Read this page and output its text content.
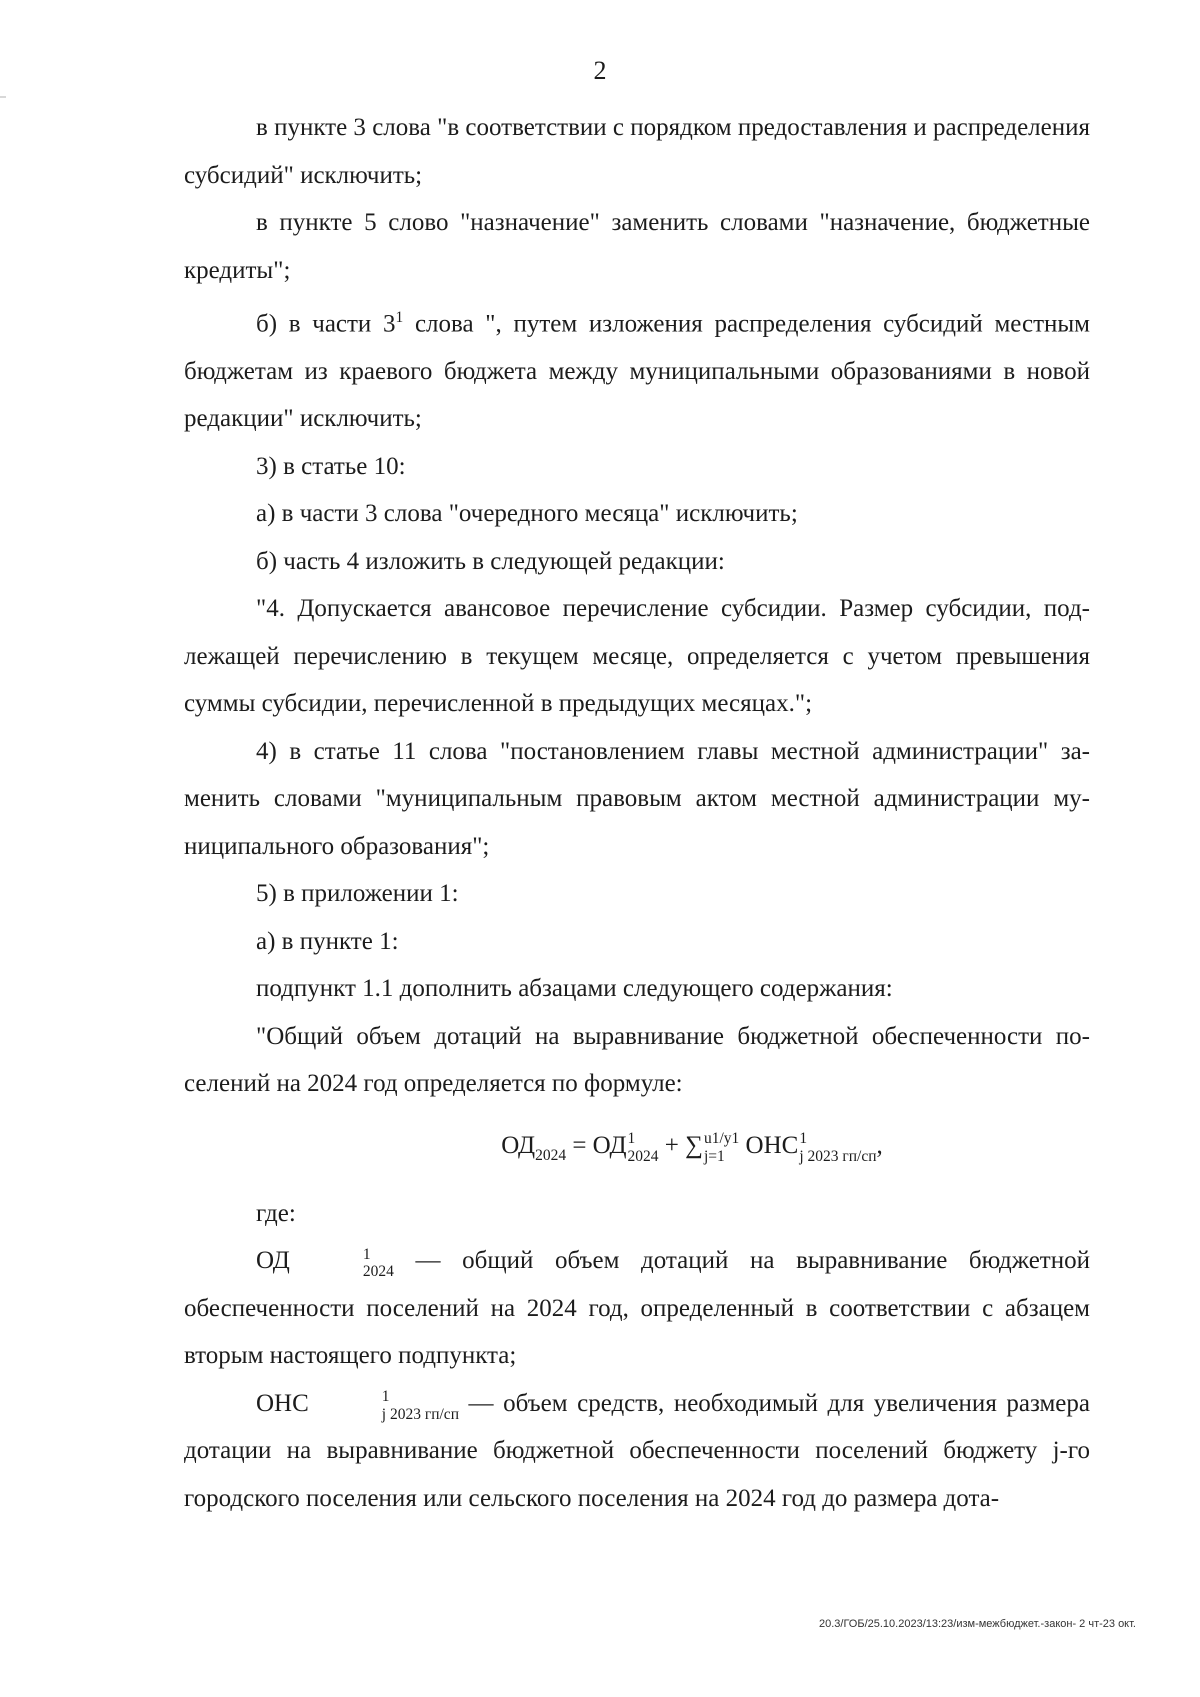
2

в пункте 3 слова "в соответствии с порядком предоставления и распределения субсидий" исключить;

в пункте 5 слово "назначение" заменить словами "назначение, бюджетные кредиты";

б) в части $3^1$ слова ", путем изложения распределения субсидий местным бюджетам из краевого бюджета между муниципальными образованиями в новой редакции" исключить;

3) в статье 10:

а) в части 3 слова "очередного месяца" исключить;

б) часть 4 изложить в следующей редакции:

"4. Допускается авансовое перечисление субсидии. Размер субсидии, подлежащей перечислению в текущем месяце, определяется с учетом превышения суммы субсидии, перечисленной в предыдущих месяцах.";

4) в статье 11 слова "постановлением главы местной администрации" заменить словами "муниципальным правовым актом местной администрации муниципального образования";

5) в приложении 1:

а) в пункте 1:

подпункт 1.1 дополнить абзацами следующего содержания:

"Общий объем дотаций на выравнивание бюджетной обеспеченности поселений на 2024 год определяется по формуле:

$ОД_{2024}$ = ОД 1
2024 + ∑ u1/y1
j=1 ОНС 1
j 2023 гп/сп ,

где:

ОД	1
2024 — общий объем дотаций на выравнивание бюджетной обеспеченности поселений на 2024 год, определенный в соответствии с абзацем вторым настоящего подпункта;

ОНС	1
j 2023 гп/сп — объем средств, необходимый для увеличения размера дотации на выравнивание бюджетной обеспеченности поселений бюджету j-го городского поселения или сельского поселения на 2024 год до размера дота-

20.3/ГОБ/25.10.2023/13:23/изм-межбюджет.-закон- 2 чт-23 окт.
